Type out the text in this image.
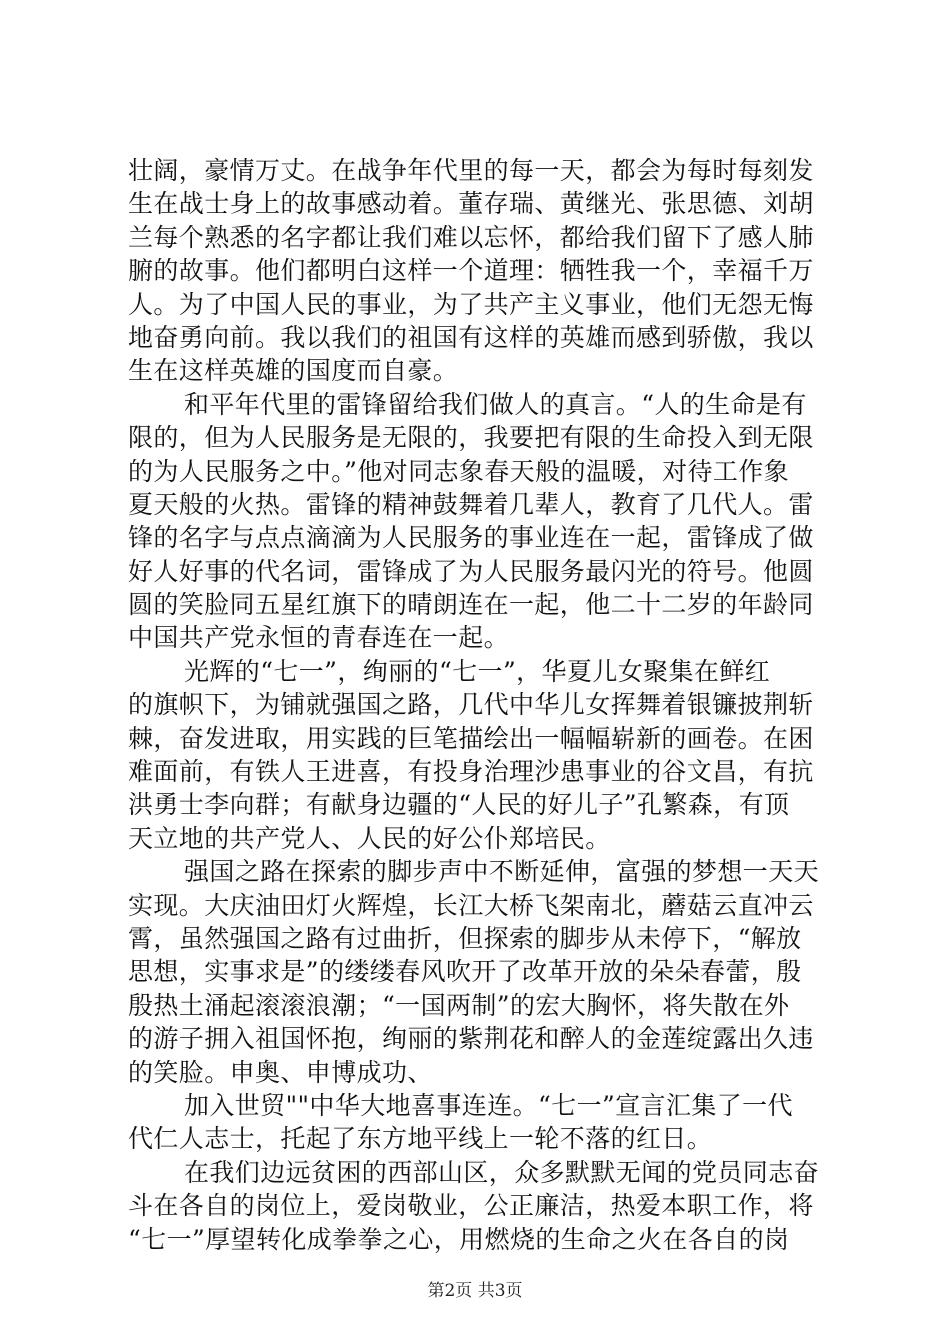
壮阔，豪情万丈。在战争年代里的每一天，都会为每时每刻发
生在战士身上的故事感动着。董存瑞、黄继光、张思德、刘胡
兰每个熟悉的名字都让我们难以忘怀，都给我们留下了感人肺
腑的故事。他们都明白这样一个道理：牺牲我一个，幸福千万
人。为了中国人民的事业，为了共产主义事业，他们无怨无悔
地奋勇向前。我以我们的祖国有这样的英雄而感到骄傲，我以
生在这样英雄的国度而自豪。
和平年代里的雷锋留给我们做人的真言。“人的生命是有
限的，但为人民服务是无限的，我要把有限的生命投入到无限
的为人民服务之中。”他对同志象春天般的温暖，对待工作象
夏天般的火热。雷锋的精神鼓舞着几辈人，教育了几代人。雷
锋的名字与点点滴滴为人民服务的事业连在一起，雷锋成了做
好人好事的代名词，雷锋成了为人民服务最闪光的符号。他圆
圆的笑脸同五星红旗下的晴朗连在一起，他二十二岁的年龄同
中国共产党永恒的青春连在一起。
光辉的“七一”，绚丽的“七一”，华夏儿女聚集在鲜红
的旗帜下，为铺就强国之路，几代中华儿女挥舞着银镰披荆斩
棘，奋发进取，用实践的巨笔描绘出一幅幅崭新的画卷。在困
难面前，有铁人王进喜，有投身治理沙患事业的谷文昌，有抗
洪勇士李向群；有献身边疆的“人民的好儿子”孔繁森，有顶
天立地的共产党人、人民的好公仆郑培民。
强国之路在探索的脚步声中不断延伸，富强的梦想一天天
实现。大庆油田灯火辉煌，长江大桥飞架南北，蘑菇云直冲云
霄，虽然强国之路有过曲折，但探索的脚步从未停下，“解放
思想，实事求是”的缕缕春风吹开了改革开放的朵朵春蕾，殷
殷热土涌起滚滚浪潮；“一国两制”的宏大胸怀，将失散在外
的游子拥入祖国怀抱，绚丽的紫荆花和醉人的金莲绽露出久违
的笑脸。申奥、申博成功、
加入世贸""中华大地喜事连连。“七一”宣言汇集了一代
代仁人志士，托起了东方地平线上一轮不落的红日。
在我们边远贫困的西部山区，众多默默无闻的党员同志奋
斗在各自的岗位上，爱岗敬业，公正廉洁，热爱本职工作，将
“七一”厚望转化成拳拳之心，用燃烧的生命之火在各自的岗
第2页 共3页
